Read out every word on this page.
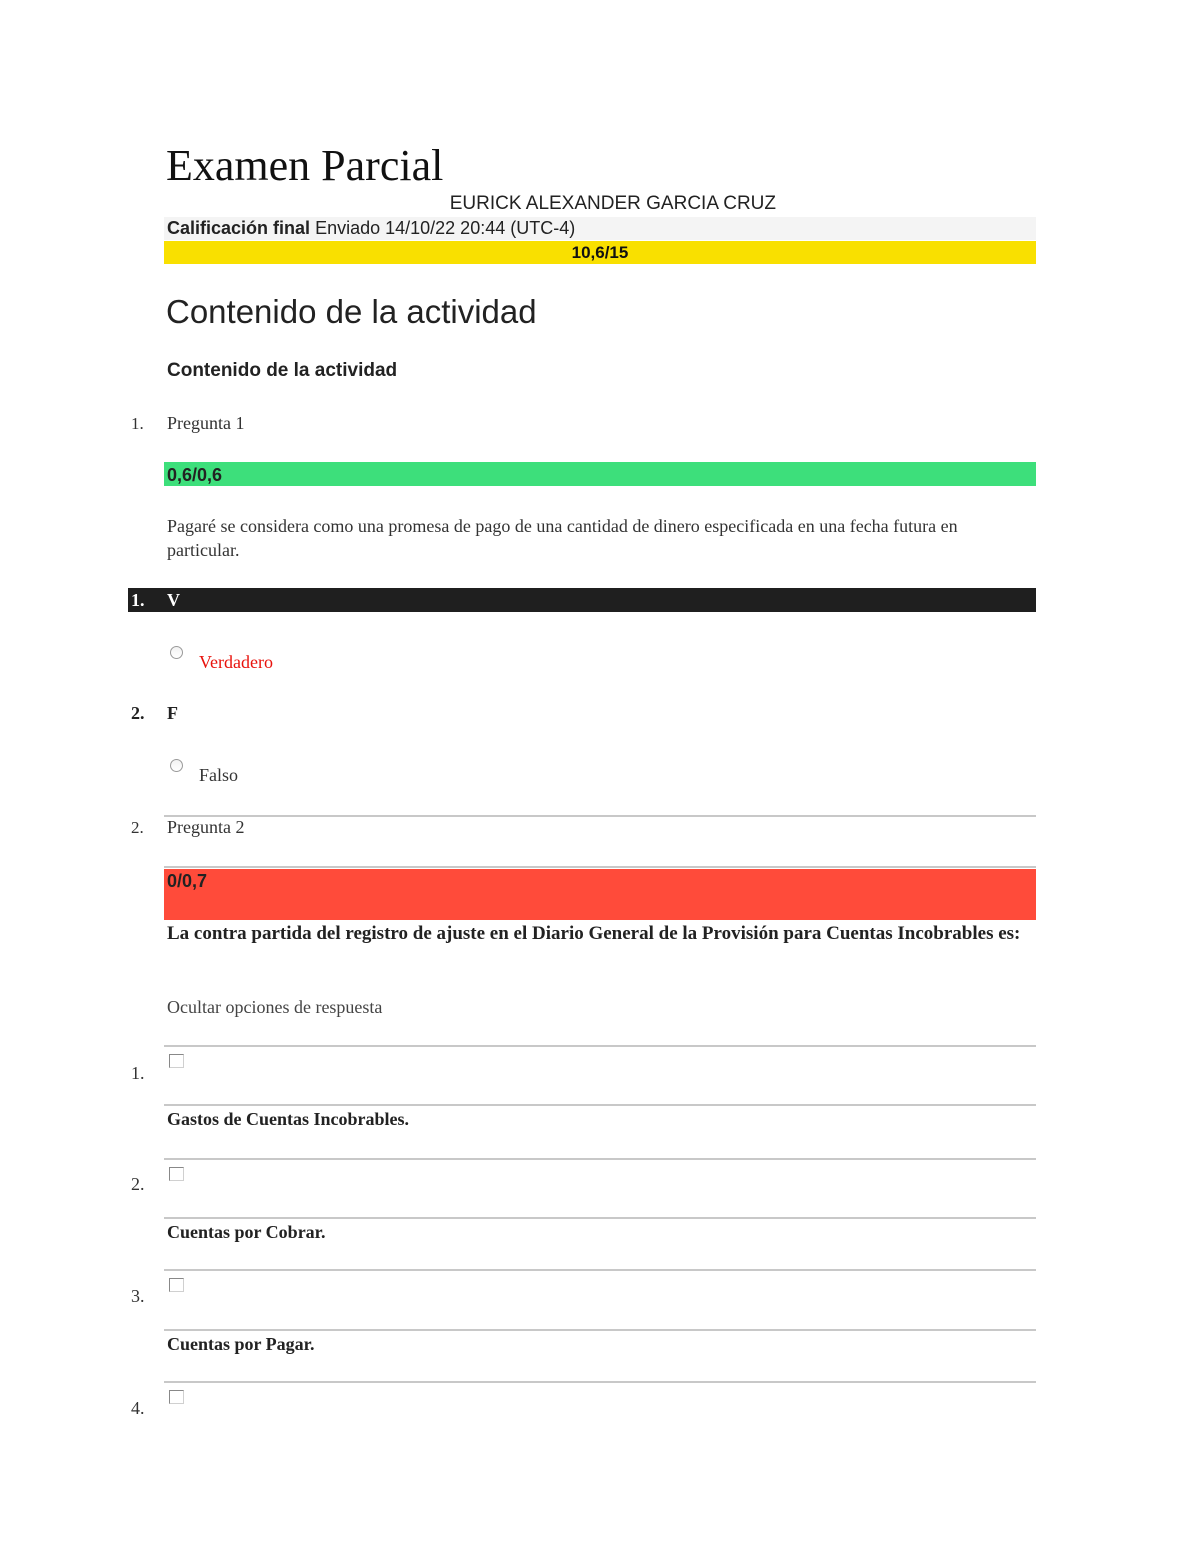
Examen Parcial
EURICK ALEXANDER GARCIA CRUZ
Calificación final Enviado 14/10/22 20:44 (UTC-4)
10,6/15
Contenido de la actividad
Contenido de la actividad
1. Pregunta 1
0,6/0,6
Pagaré se considera como una promesa de pago de una cantidad de dinero especificada en una fecha futura en particular.
1. V
Verdadero
2. F
Falso
2. Pregunta 2
0/0,7
La contra partida del registro de ajuste en el Diario General de la Provisión para Cuentas Incobrables es:
Ocultar opciones de respuesta
1.
Gastos de Cuentas Incobrables.
2.
Cuentas por Cobrar.
3.
Cuentas por Pagar.
4.
